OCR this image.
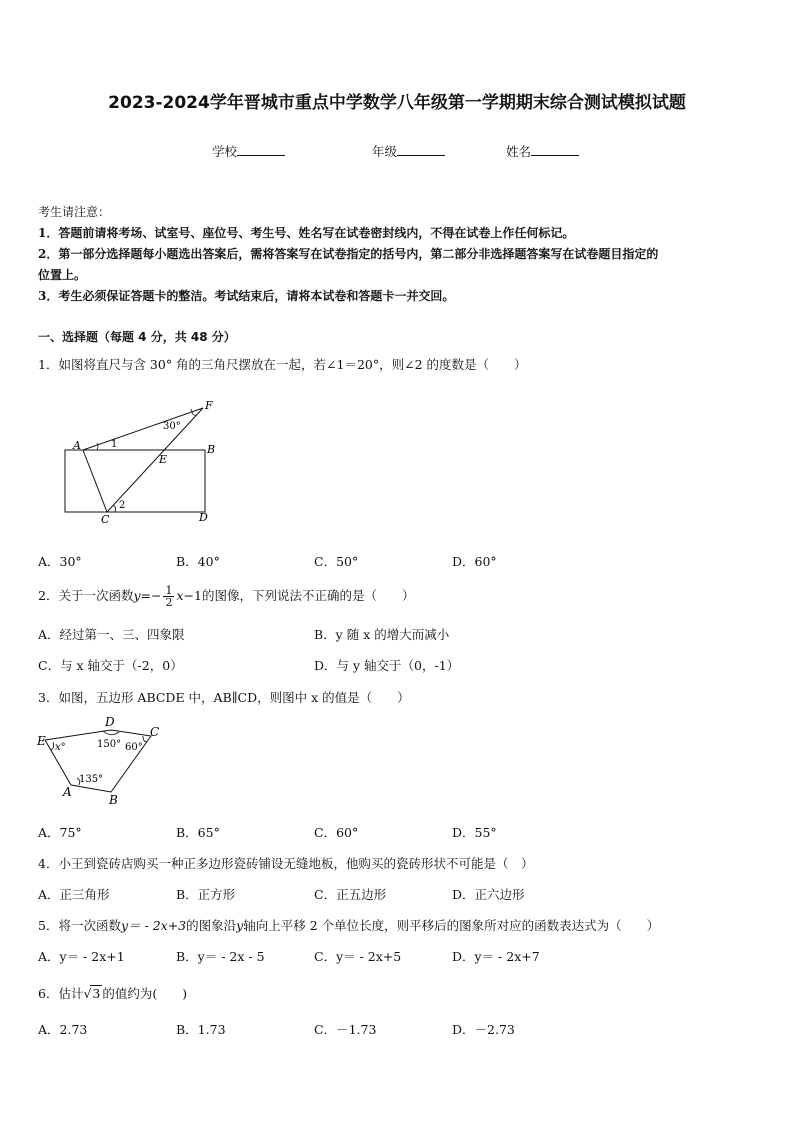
2023-2024学年晋城市重点中学数学八年级第一学期期末综合测试模拟试题
学校	年级	姓名
考生请注意：
1．答题前请将考场、试室号、座位号、考生号、姓名写在试卷密封线内，不得在试卷上作任何标记。
2．第一部分选择题每小题选出答案后，需将答案写在试卷指定的括号内，第二部分非选择题答案写在试卷题目指定的
位置上。
3．考生必须保证答题卡的整洁。考试结束后，请将本试卷和答题卡一并交回。
一、选择题（每题 4 分，共 48 分）
1．如图将直尺与含 30° 角的三角尺摆放在一起，若∠1＝20°，则∠2 的度数是（　　）
A	B
C	D
E
F
1
2
30°
A．30°	B．40°	C．50°	D．60°
2．关于一次函数$y=- \frac{1}{2} x-1$的图像，下列说法不正确的是（　　）
A．经过第一、三、四象限	B．y 随 x 的增大而减小
C．与 x 轴交于（-2，0）	D．与 y 轴交于（0，-1）
3．如图，五边形 ABCDE 中，AB∥CD，则图中 x 的值是（　　）
E
D
C
A
B
x°	150° 60°
135°
A．75°	B．65°	C．60°	D．55°
4．小王到瓷砖店购买一种正多边形瓷砖铺设无缝地板，他购买的瓷砖形状不可能是（　）
A．正三角形	B．正方形	C．正五边形	D．正六边形
5．将一次函数y＝ - 2x+3的图象沿y轴向上平移 2 个单位长度，则平移后的图象所对应的函数表达式为（　　）
A．y＝ - 2x+1	B．y＝ - 2x - 5	C．y＝ - 2x+5	D．y＝ - 2x+7
6．估计√3 的值约为(　　)
A．2.73	B．1.73	C．－1.73	D．－2.73
